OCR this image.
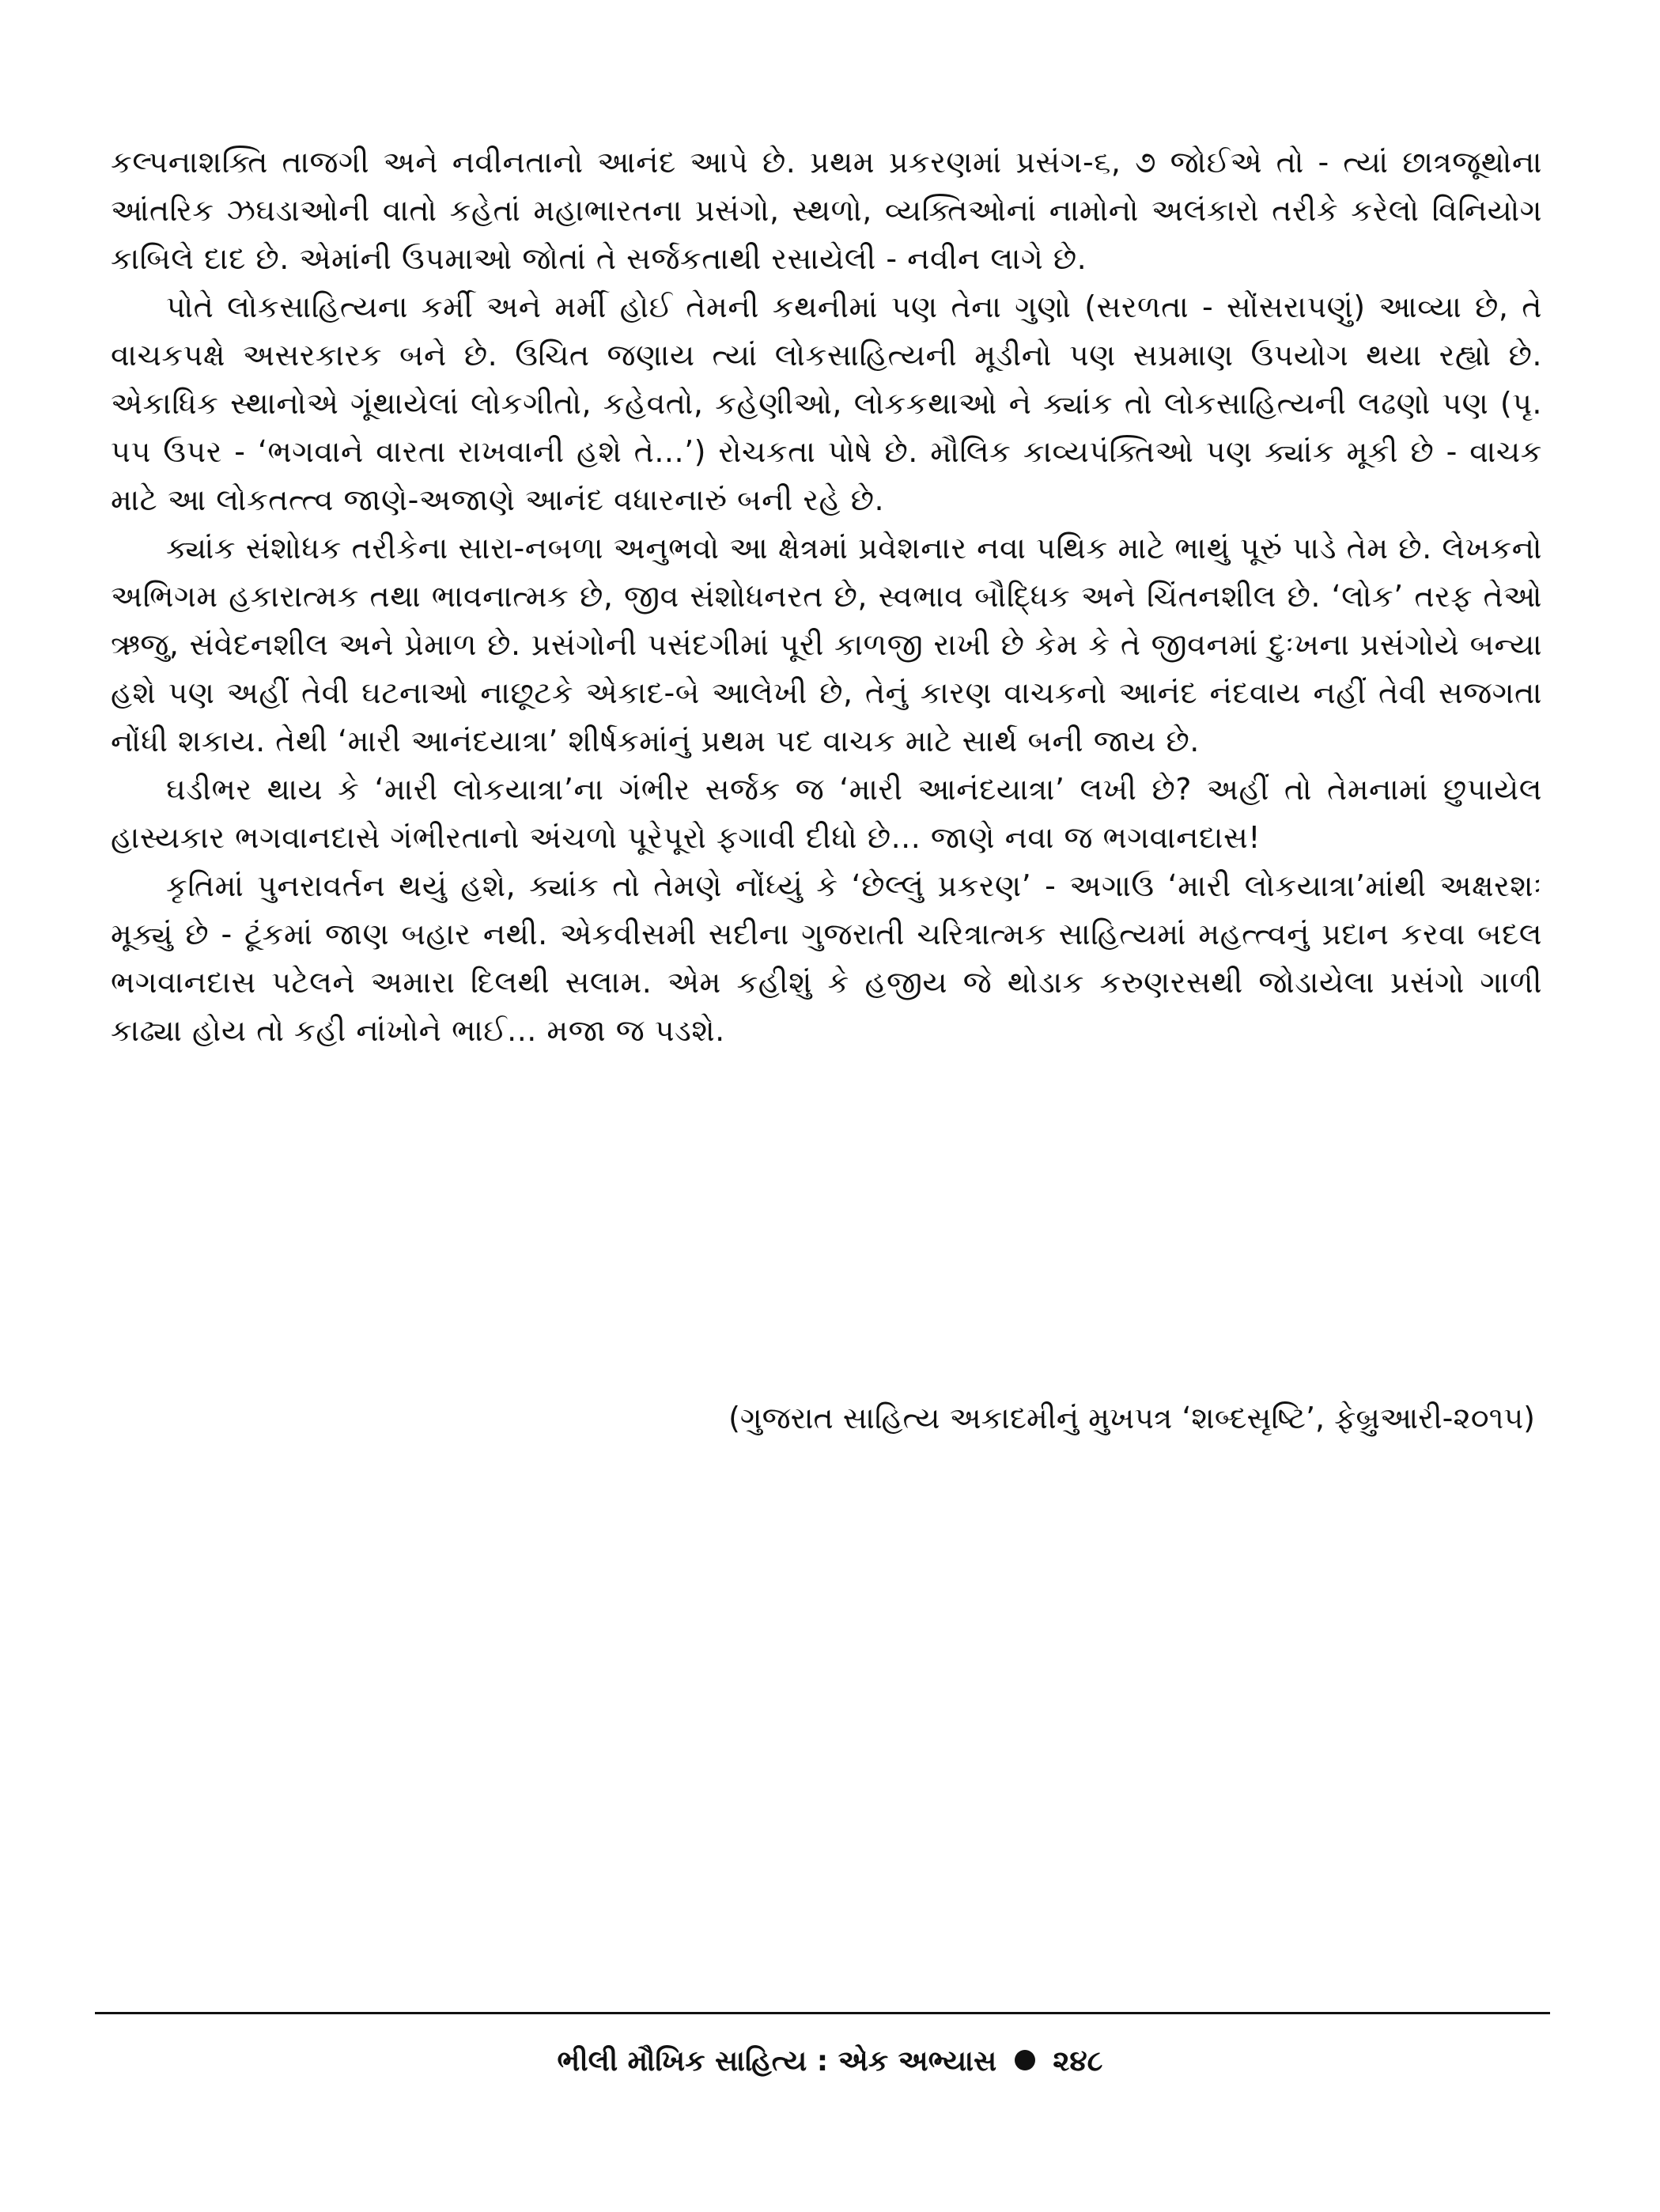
કલ્પનાશક્તિ તાજગી અને નવીનતાનો આનંદ આપે છે. પ્રથમ પ્રકરણમાં પ્રસંગ-૬, ૭ જોઈએ તો - ત્યાં છાત્રજૂથોના આંતરિક ઝઘડાઓની વાતો કહેતાં મહાભારતના પ્રસંગો, સ્થળો, વ્યક્તિઓનાં નામોનો અલંકારો તરીકે કરેલો વિનિયોગ કાબિલે દાદ છે. એમાંની ઉપમાઓ જોતાં તે સર્જકતાથી રસાયેલી - નવીન લાગે છે.

પોતે લોકસાહિત્યના કર્મી અને મર્મી હોઈ તેમની કથનીમાં પણ તેના ગુણો (સરળતા - સોંસરાપણું) આવ્યા છે, તે વાચકપક્ષે અસરકારક બને છે. ઉચિત જણાય ત્યાં લોકસાહિત્યની મૂડીનો પણ સપ્રમાણ ઉપયોગ થયા રહ્યો છે. એકાધિક સ્થાનોએ ગૂંથાયેલાં લોકગીતો, કહેવતો, કહેણીઓ, લોકકથાઓ ને ક્યાંક તો લોકસાહિત્યની લઢણો પણ (પૃ. ૫૫ ઉપર - ‘ભગવાને વારતા રાખવાની હશે તે...’) રોચકતા પોષે છે. મૌલિક કાવ્યપંક્તિઓ પણ ક્યાંક મૂકી છે - વાચક માટે આ લોકતત્ત્વ જાણે-અજાણે આનંદ વધારનારું બની રહે છે.

ક્યાંક સંશોધક તરીકેના સારા-નબળા અનુભવો આ ક્ષેત્રમાં પ્રવેશનાર નવા પથિક માટે ભાથું પૂરું પાડે તેમ છે. લેખકનો અભિગમ હકારાત્મક તથા ભાવનાત્મક છે, જીવ સંશોધનરત છે, સ્વભાવ બૌદ્ધિક અને ચિંતનશીલ છે. ‘લોક’ તરફ તેઓ ઋજુ, સંવેદનશીલ અને પ્રેમાળ છે. પ્રસંગોની પસંદગીમાં પૂરી કાળજી રાખી છે કેમ કે તે જીવનમાં દુઃખના પ્રસંગોયે બન્યા હશે પણ અહીં તેવી ઘટનાઓ નાછૂટકે એકાદ-બે આલેખી છે, તેનું કારણ વાચકનો આનંદ નંદવાય નહીં તેવી સજગતા નોંધી શકાય. તેથી ‘મારી આનંદયાત્રા’ શીર્ષકમાંનું પ્રથમ પદ વાચક માટે સાર્થ બની જાય છે.

ઘડીભર થાય કે ‘મારી લોકયાત્રા’ના ગંભીર સર્જક જ ‘મારી આનંદયાત્રા’ લખી છે? અહીં તો તેમનામાં છુપાયેલ હાસ્યકાર ભગવાનદાસે ગંભીરતાનો અંચળો પૂરેપૂરો ફગાવી દીધો છે... જાણે નવા જ ભગવાનદાસ!

કૃતિમાં પુનરાવર્તન થયું હશે, ક્યાંક તો તેમણે નોંધ્યું કે ‘છેલ્લું પ્રકરણ’ - અગાઉ ‘મારી લોકયાત્રા’માંથી અક્ષરશઃ મૂક્યું છે - ટૂંકમાં જાણ બહાર નથી. એકવીસમી સદીના ગુજરાતી ચરિત્રાત્મક સાહિત્યમાં મહત્ત્વનું પ્રદાન કરવા બદલ ભગવાનદાસ પટેલને અમારા દિલથી સલામ. એમ કહીશું કે હજીય જે થોડાક કરુણરસથી જોડાયેલા પ્રસંગો ગાળી કાઢ્યા હોય તો કહી નાંખોને ભાઈ... મજા જ પડશે.

(ગુજરાત સાહિત્ય અકાદમીનું મુખપત્ર ‘શબ્દસૃષ્ટિ’, ફેબ્રુઆરી-૨૦૧૫)
ભીલી મૌખિક સાહિત્ય : એક અભ્યાસ ૨૪૮
